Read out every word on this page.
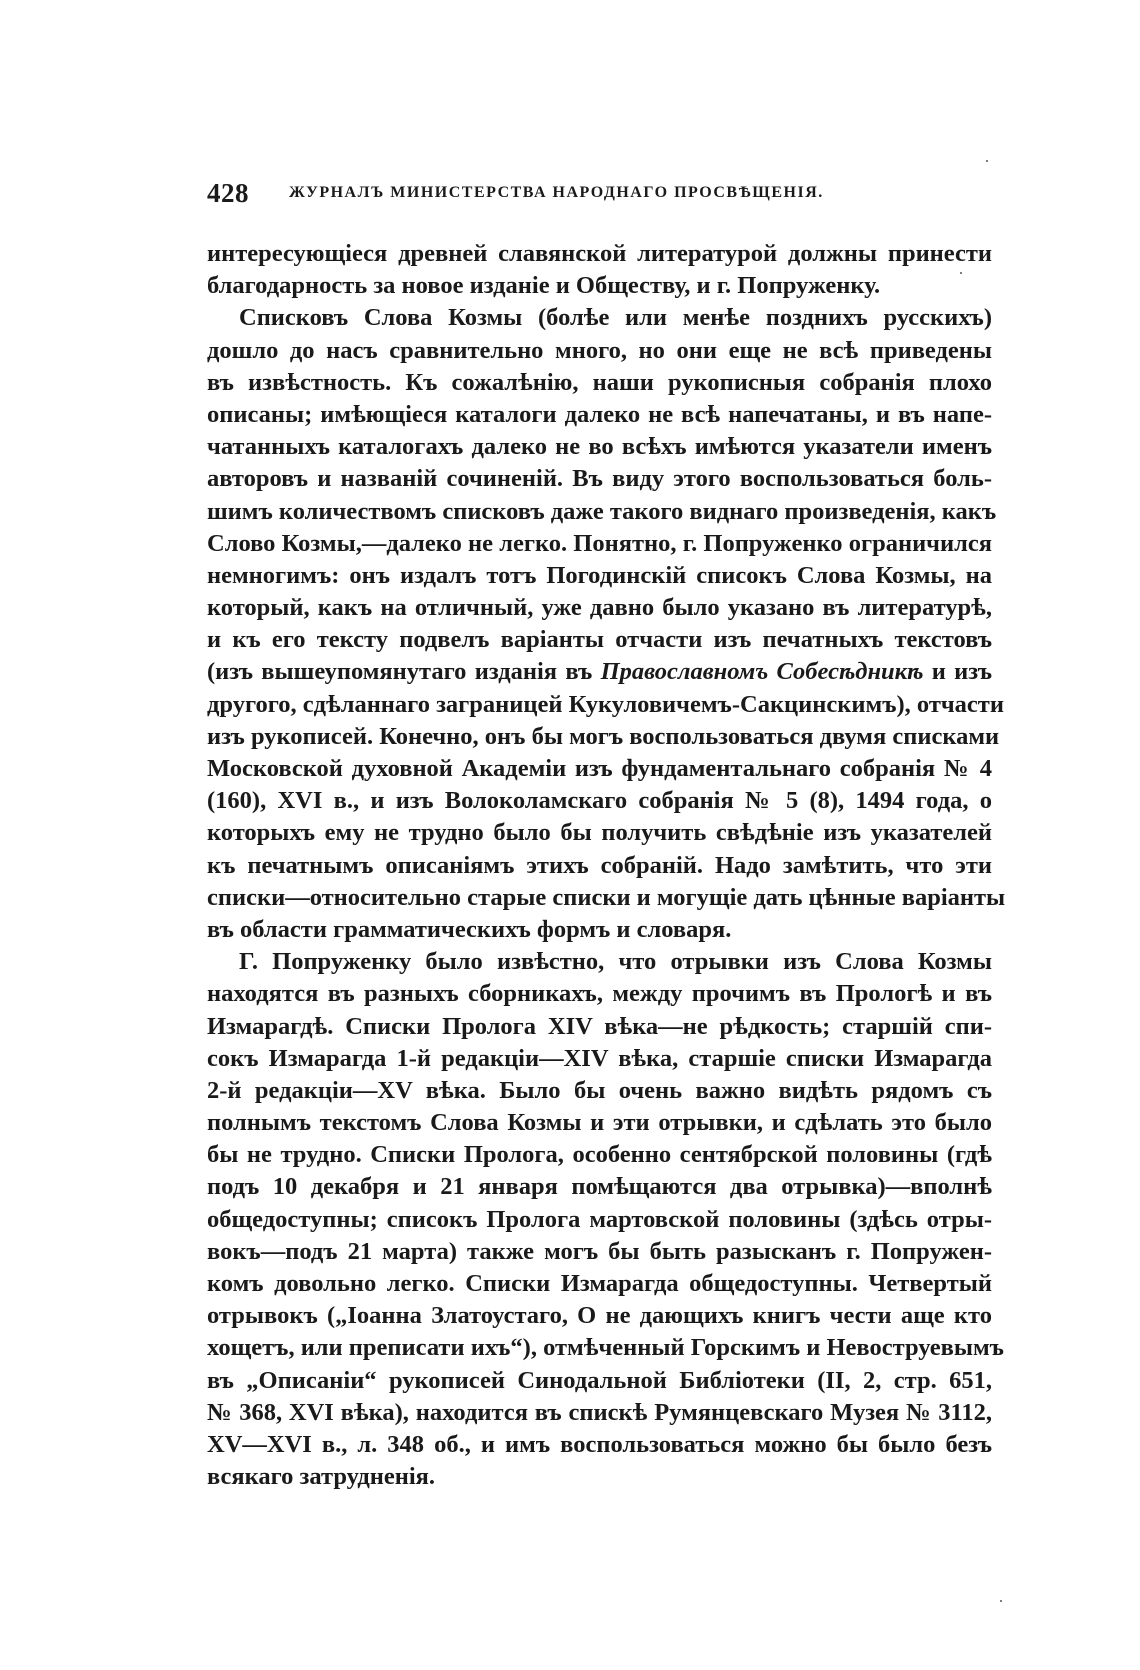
428	ЖУРНАЛЪ МИНИСТЕРСТВА НАРОДНАГО ПРОСВѢЩЕНІЯ.
интересующіеся древней славянской литературой должны принести
благодарность за новое изданіе и Обществу, и г. Попруженку.
Списковъ Слова Козмы (болѣе или менѣе позднихъ русскихъ)
дошло до насъ сравнительно много, но они еще не всѣ приведены
въ извѣстность. Къ сожалѣнію, наши рукописныя собранія плохо
описаны; имѣющіеся каталоги далеко не всѣ напечатаны, и въ напе-
чатанныхъ каталогахъ далеко не во всѣхъ имѣются указатели именъ
авторовъ и названій сочиненій. Въ виду этого воспользоваться боль-
шимъ количествомъ списковъ даже такого виднаго произведенія, какъ
Слово Козмы,—далеко не легко. Понятно, г. Попруженко ограничился
немногимъ: онъ издалъ тотъ Погодинскій списокъ Слова Козмы, на
который, какъ на отличный, уже давно было указано въ литературѣ,
и къ его тексту подвелъ варіанты отчасти изъ печатныхъ текстовъ
(изъ вышеупомянутаго изданія въ Православномъ Собесѣдникѣ и изъ
другого, сдѣланнаго заграницей Кукуловичемъ-Сакцинскимъ), отчасти
изъ рукописей. Конечно, онъ бы могъ воспользоваться двумя списками
Московской духовной Академіи изъ фундаментальнаго собранія № 4
(160), XVI в., и изъ Волоколамскаго собранія № 5 (8), 1494 года, о
которыхъ ему не трудно было бы получить свѣдѣніе изъ указателей
къ печатнымъ описаніямъ этихъ собраній. Надо замѣтить, что эти
списки—относительно старые списки и могущіе дать цѣнные варіанты
въ области грамматическихъ формъ и словаря.
Г. Попруженку было извѣстно, что отрывки изъ Слова Козмы
находятся въ разныхъ сборникахъ, между прочимъ въ Прологѣ и въ
Измарагдѣ. Списки Пролога XIV вѣка—не рѣдкость; старшій спи-
сокъ Измарагда 1-й редакціи—XIV вѣка, старшіе списки Измарагда
2-й редакціи—XV вѣка. Было бы очень важно видѣть рядомъ съ
полнымъ текстомъ Слова Козмы и эти отрывки, и сдѣлать это было
бы не трудно. Списки Пролога, особенно сентябрской половины (гдѣ
подъ 10 декабря и 21 января помѣщаются два отрывка)—вполнѣ
общедоступны; списокъ Пролога мартовской половины (здѣсь отры-
вокъ—подъ 21 марта) также могъ бы быть разысканъ г. Попружен-
комъ довольно легко. Списки Измарагда общедоступны. Четвертый
отрывокъ („Іоанна Златоустаго, О не дающихъ книгъ чести аще кто
хощетъ, или преписати ихъ“), отмѣченный Горскимъ и Невоструевымъ
въ „Описаніи“ рукописей Синодальной Библіотеки (II, 2, стр. 651,
№ 368, XVI вѣка), находится въ спискѣ Румянцевскаго Музея № 3112,
XV—XVI в., л. 348 об., и имъ воспользоваться можно бы было безъ
всякаго затрудненія.
